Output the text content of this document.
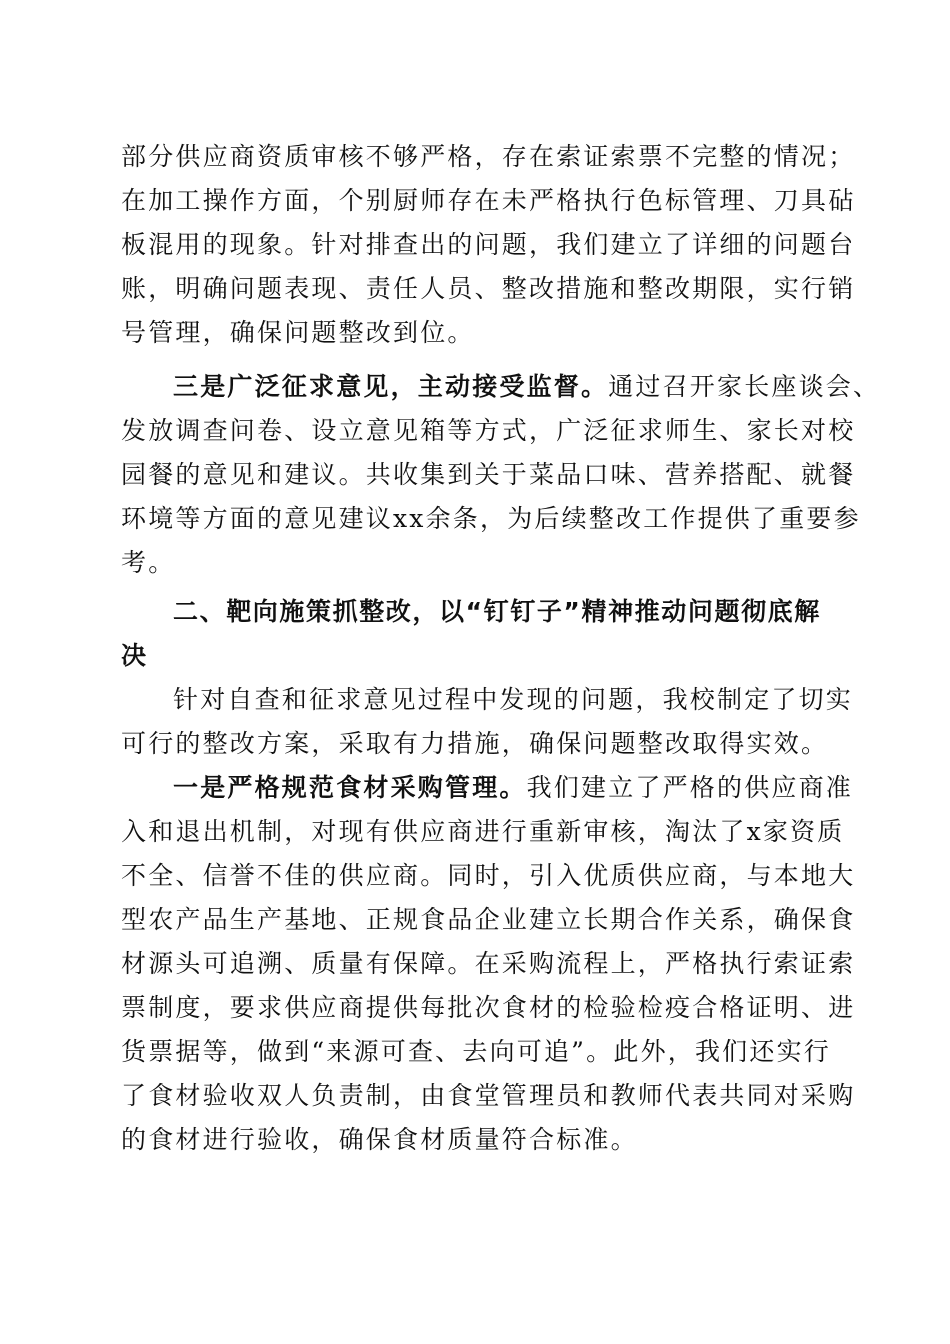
部分供应商资质审核不够严格，存在索证索票不完整的情况；
在加工操作方面，个别厨师存在未严格执行色标管理、刀具砧
板混用的现象。针对排查出的问题，我们建立了详细的问题台
账，明确问题表现、责任人员、整改措施和整改期限，实行销
号管理，确保问题整改到位。
三是广泛征求意见，主动接受监督。通过召开家长座谈会、
发放调查问卷、设立意见箱等方式，广泛征求师生、家长对校
园餐的意见和建议。共收集到关于菜品口味、营养搭配、就餐
环境等方面的意见建议xx余条，为后续整改工作提供了重要参
考。
二、靶向施策抓整改，以“钉钉子”精神推动问题彻底解
决
针对自查和征求意见过程中发现的问题，我校制定了切实
可行的整改方案，采取有力措施，确保问题整改取得实效。
一是严格规范食材采购管理。我们建立了严格的供应商准
入和退出机制，对现有供应商进行重新审核，淘汰了x家资质
不全、信誉不佳的供应商。同时，引入优质供应商，与本地大
型农产品生产基地、正规食品企业建立长期合作关系，确保食
材源头可追溯、质量有保障。在采购流程上，严格执行索证索
票制度，要求供应商提供每批次食材的检验检疫合格证明、进
货票据等，做到“来源可查、去向可追”。此外，我们还实行
了食材验收双人负责制，由食堂管理员和教师代表共同对采购
的食材进行验收，确保食材质量符合标准。
